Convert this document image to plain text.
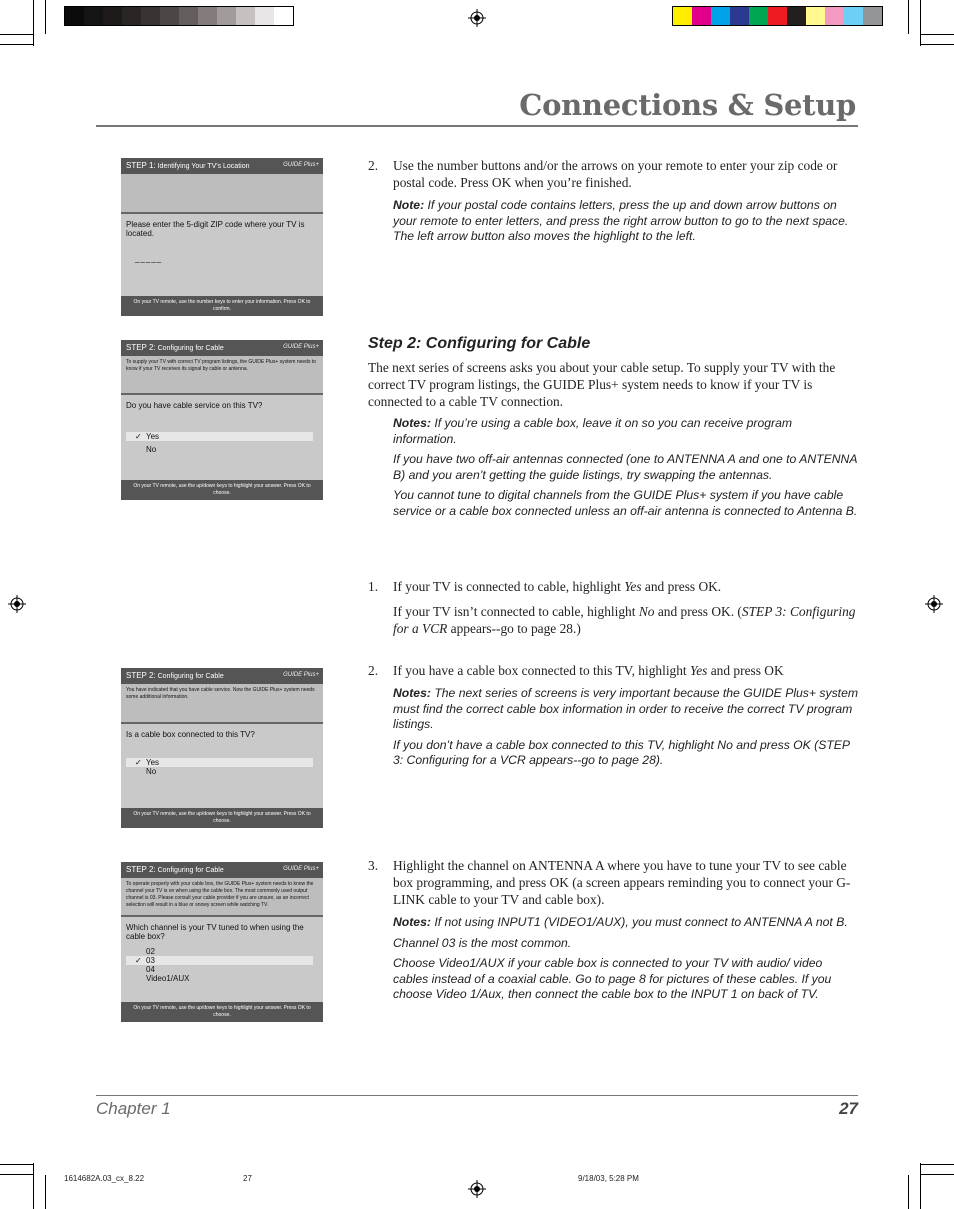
Connections & Setup
STEP 1: Identifying Your TV's Location	GUIDE Plus+
Please enter the 5-digit ZIP code where your TV is located.
_____
On your TV remote, use the number keys to enter your information. Press OK to confirm.
STEP 2: Configuring for Cable	GUIDE Plus+
To supply your TV with correct TV program listings, the GUIDE Plus+ system needs to know if your TV receives its signal by cable or antenna.
Do you have cable service on this TV?
✓ Yes
No
On your TV remote, use the up/down keys to highlight your answer. Press OK to choose.
STEP 2: Configuring for Cable	GUIDE Plus+
You have indicated that you have cable service. Now the GUIDE Plus+ system needs some additional information.
Is a cable box connected to this TV?
✓ Yes
No
On your TV remote, use the up/down keys to highlight your answer. Press OK to choose.
STEP 2: Configuring for Cable	GUIDE Plus+
To operate properly with your cable box, the GUIDE Plus+ system needs to know the channel your TV is on when using the cable box. The most commonly used output channel is 03. Please consult your cable provider if you are unsure, as an incorrect selection will result in a blue or snowy screen while watching TV.
Which channel is your TV tuned to when using the cable box?
02
✓ 03
04
Video1/AUX
On your TV remote, use the up/down keys to highlight your answer. Press OK to choose.
2.	Use the number buttons and/or the arrows on your remote to enter your zip code or postal code. Press OK when you’re finished.
Note: If your postal code contains letters, press the up and down arrow buttons on your remote to enter letters, and press the right arrow button to go to the next space. The left arrow button also moves the highlight to the left.
Step 2: Configuring for Cable
The next series of screens asks you about your cable setup. To supply your TV with the correct TV program listings, the GUIDE Plus+ system needs to know if your TV is connected to a cable TV connection.
Notes: If you’re using a cable box, leave it on so you can receive program information.
If you have two off-air antennas connected (one to ANTENNA A and one to ANTENNA B) and you aren’t getting the guide listings, try swapping the antennas.
You cannot tune to digital channels from the GUIDE Plus+ system if you have cable service or a cable box connected unless an off-air antenna is connected to Antenna B.
1.	If your TV is connected to cable, highlight Yes and press OK.
If your TV isn’t connected to cable, highlight No and press OK. (STEP 3: Configuring for a VCR appears--go to page 28.)
2.	If you have a cable box connected to this TV, highlight Yes and press OK
Notes: The next series of screens is very important because the GUIDE Plus+ system must find the correct cable box information in order to receive the correct TV program listings.
If you don’t have a cable box connected to this TV, highlight No and press OK (STEP 3: Configuring for a VCR appears--go to page 28).
3.	Highlight the channel on ANTENNA A where you have to tune your TV to see cable box programming, and press OK (a screen appears reminding you to connect your G-LINK cable to your TV and cable box).
Notes: If not using INPUT1 (VIDEO1/AUX), you must connect to ANTENNA A not B.
Channel 03 is the most common.
Choose Video1/AUX if your cable box is connected to your TV with audio/ video cables instead of a coaxial cable. Go to page 8 for pictures of these cables. If you choose Video 1/Aux, then connect the cable box to the INPUT 1 on back of TV.
Chapter 1	27
1614682A.03_cx_8.22	27	9/18/03, 5:28 PM
